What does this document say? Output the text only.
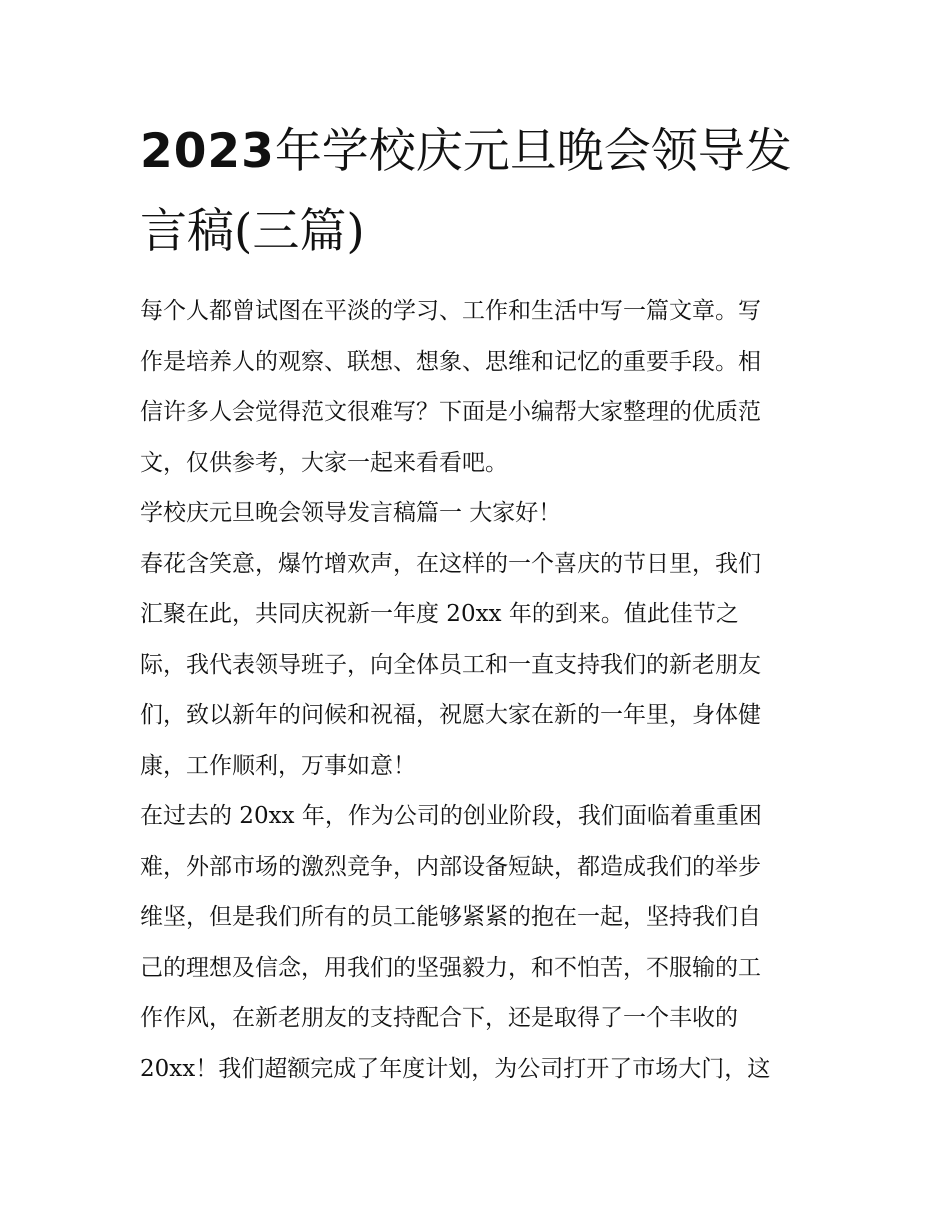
2023年学校庆元旦晚会领导发
言稿(三篇)
每个人都曾试图在平淡的学习、工作和生活中写一篇文章。写
作是培养人的观察、联想、想象、思维和记忆的重要手段。相
信许多人会觉得范文很难写？下面是小编帮大家整理的优质范
文，仅供参考，大家一起来看看吧。
学校庆元旦晚会领导发言稿篇一 大家好！
春花含笑意，爆竹增欢声，在这样的一个喜庆的节日里，我们
汇聚在此，共同庆祝新一年度 20xx 年的到来。值此佳节之
际，我代表领导班子，向全体员工和一直支持我们的新老朋友
们，致以新年的问候和祝福，祝愿大家在新的一年里，身体健
康，工作顺利，万事如意！
在过去的 20xx 年，作为公司的创业阶段，我们面临着重重困
难，外部市场的激烈竞争，内部设备短缺，都造成我们的举步
维坚，但是我们所有的员工能够紧紧的抱在一起，坚持我们自
己的理想及信念，用我们的坚强毅力，和不怕苦，不服输的工
作作风，在新老朋友的支持配合下，还是取得了一个丰收的
20xx！我们超额完成了年度计划，为公司打开了市场大门，这
